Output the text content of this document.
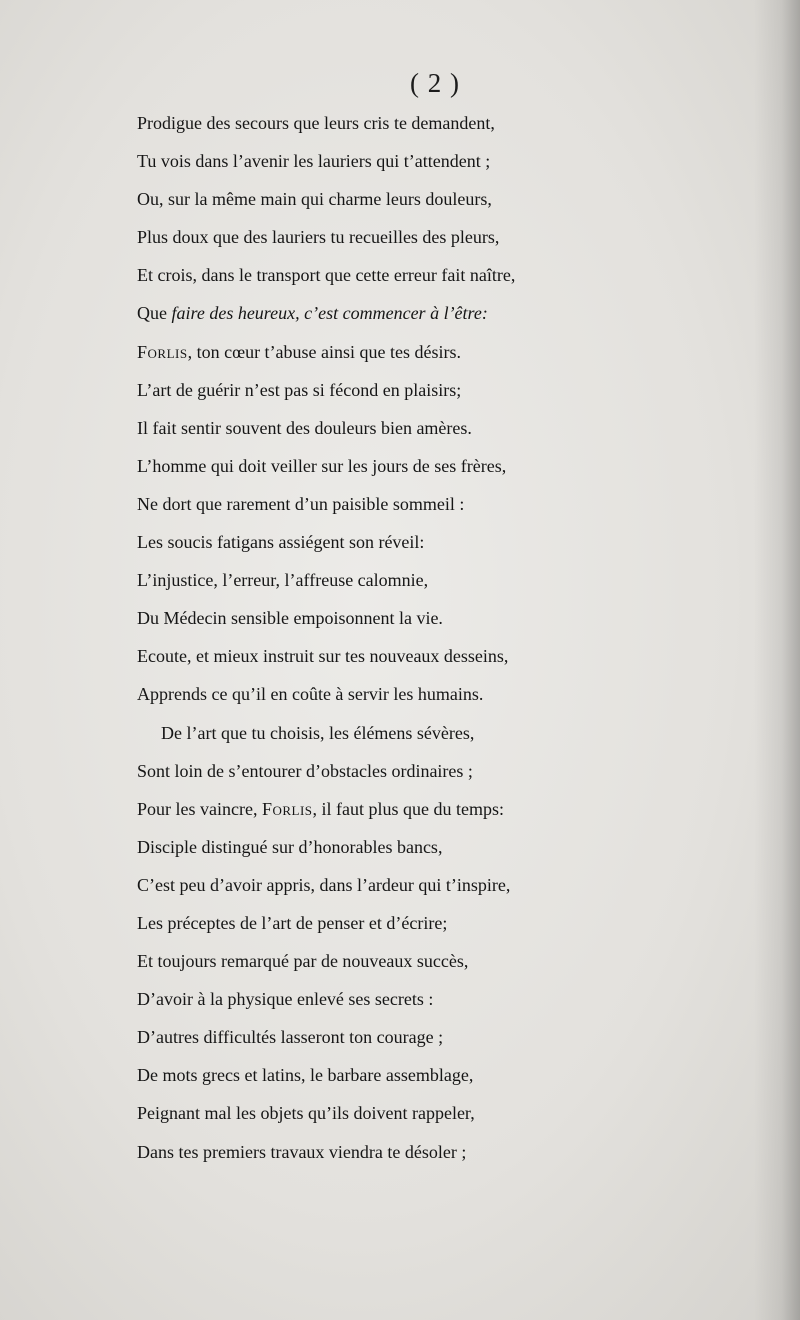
( 2 )
Prodigue des secours que leurs cris te demandent,
Tu vois dans l’avenir les lauriers qui t’attendent ;
Ou, sur la même main qui charme leurs douleurs,
Plus doux que des lauriers tu recueilles des pleurs,
Et crois, dans le transport que cette erreur fait naître,
Que faire des heureux, c’est commencer à l’être:
Forlis, ton cœur t’abuse ainsi que tes désirs.
L’art de guérir n’est pas si fécond en plaisirs;
Il fait sentir souvent des douleurs bien amères.
L’homme qui doit veiller sur les jours de ses frères,
Ne dort que rarement d’un paisible sommeil :
Les soucis fatigans assiégent son réveil:
L’injustice, l’erreur, l’affreuse calomnie,
Du Médecin sensible empoisonnent la vie.
Ecoute, et mieux instruit sur tes nouveaux desseins,
Apprends ce qu’il en coûte à servir les humains.
De l’art que tu choisis, les élémens sévères,
Sont loin de s’entourer d’obstacles ordinaires ;
Pour les vaincre, Forlis, il faut plus que du temps:
Disciple distingué sur d’honorables bancs,
C’est peu d’avoir appris, dans l’ardeur qui t’inspire,
Les préceptes de l’art de penser et d’écrire;
Et toujours remarqué par de nouveaux succès,
D’avoir à la physique enlevé ses secrets :
D’autres difficultés lasseront ton courage ;
De mots grecs et latins, le barbare assemblage,
Peignant mal les objets qu’ils doivent rappeler,
Dans tes premiers travaux viendra te désoler ;
